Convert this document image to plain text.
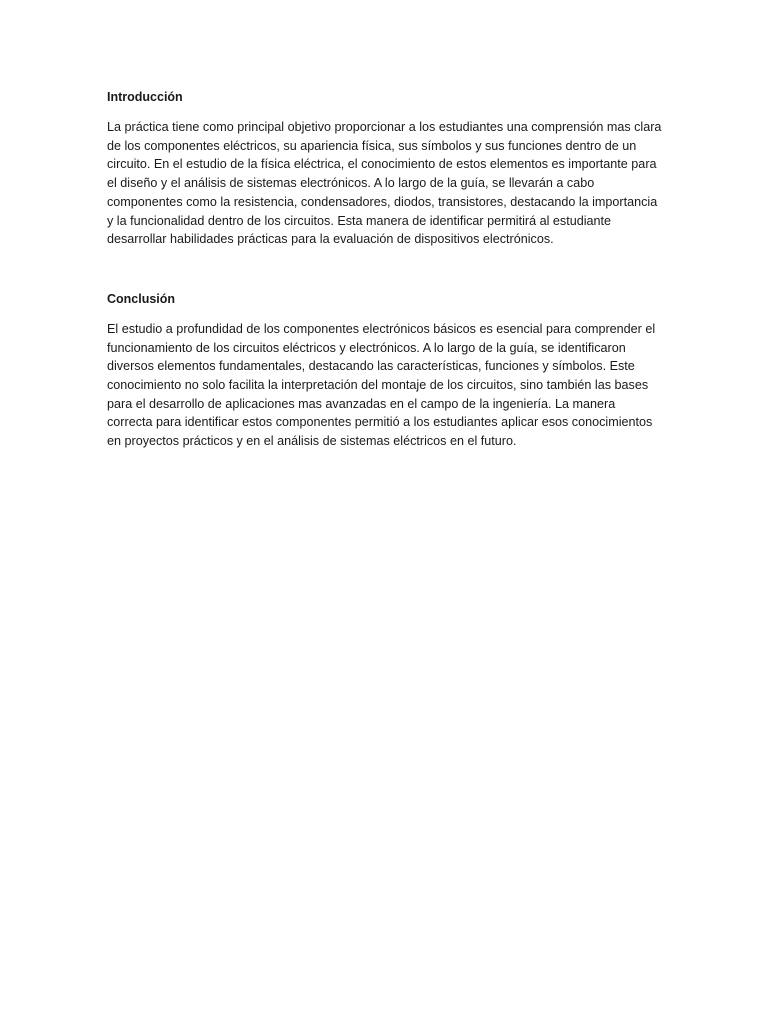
Introducción

La práctica tiene como principal objetivo proporcionar a los estudiantes una comprensión mas clara de los componentes eléctricos, su apariencia física, sus símbolos y sus funciones dentro de un circuito. En el estudio de la física eléctrica, el conocimiento de estos elementos es importante para el diseño y el análisis de sistemas electrónicos. A lo largo de la guía, se llevarán a cabo componentes como la resistencia, condensadores, diodos, transistores, destacando la importancia y la funcionalidad dentro de los circuitos. Esta manera de identificar permitirá al estudiante desarrollar habilidades prácticas para la evaluación de dispositivos electrónicos.

Conclusión

El estudio a profundidad de los componentes electrónicos básicos es esencial para comprender el funcionamiento de los circuitos eléctricos y electrónicos. A lo largo de la guía, se identificaron diversos elementos fundamentales, destacando las características, funciones y símbolos. Este conocimiento no solo facilita la interpretación del montaje de los circuitos, sino también las bases para el desarrollo de aplicaciones mas avanzadas en el campo de la ingeniería. La manera correcta para identificar estos componentes permitió a los estudiantes aplicar esos conocimientos en proyectos prácticos y en el análisis de sistemas eléctricos en el futuro.
